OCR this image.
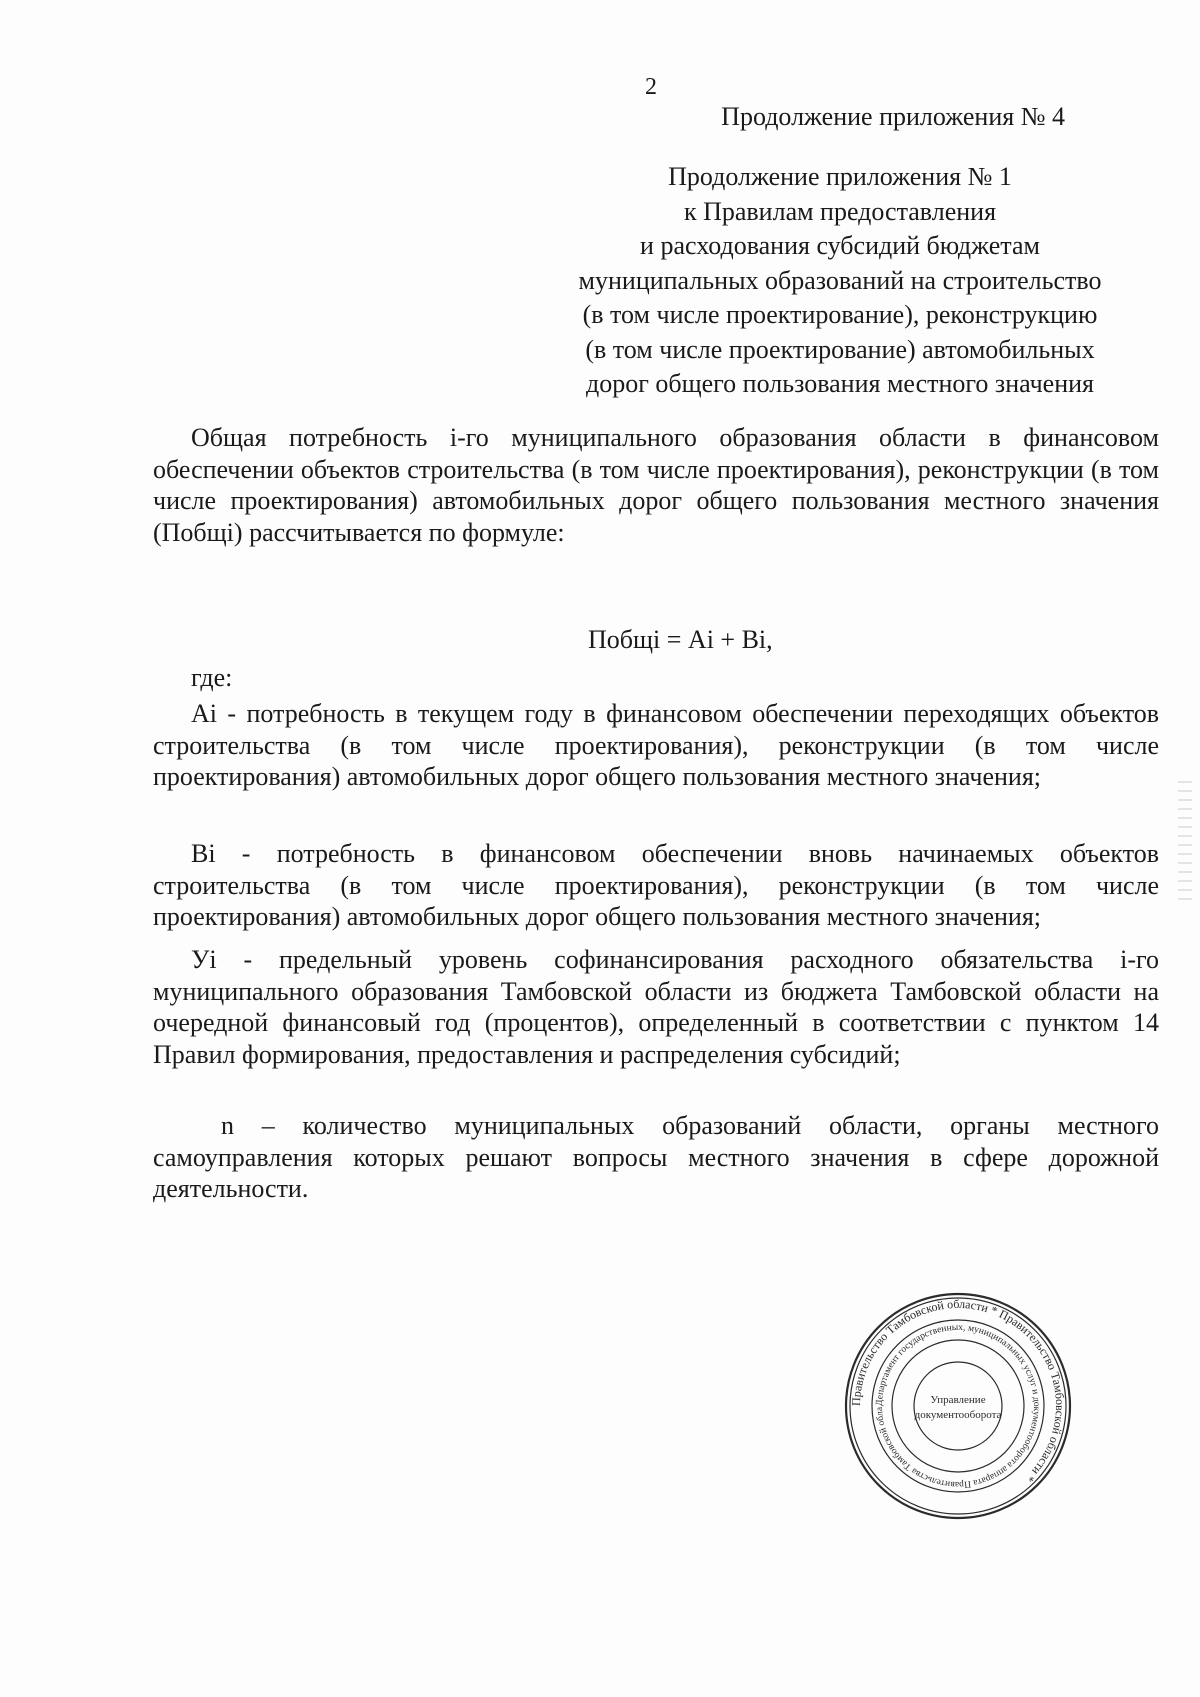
2
Продолжение приложения № 4
Продолжение приложения № 1
к Правилам предоставления
и расходования субсидий бюджетам
муниципальных образований на строительство
(в том числе проектирование), реконструкцию
(в том числе проектирование) автомобильных
дорог общего пользования местного значения

Общая потребность i-го муниципального образования области в финансовом обеспечении объектов строительства (в том числе проектирования), реконструкции (в том числе проектирования) автомобильных дорог общего пользования местного значения (Побщi) рассчитывается по формуле:

Побщi = Аi + Вi,
где:

Аi - потребность в текущем году в финансовом обеспечении переходящих объектов строительства (в том числе проектирования), реконструкции (в том числе проектирования) автомобильных дорог общего пользования местного значения;

Вi - потребность в финансовом обеспечении вновь начинаемых объектов строительства (в том числе проектирования), реконструкции (в том числе проектирования) автомобильных дорог общего пользования местного значения;

Уi - предельный уровень софинансирования расходного обязательства i-го муниципального образования Тамбовской области из бюджета Тамбовской области на очередной финансовый год (процентов), определенный в соответствии с пунктом 14 Правил формирования, предоставления и распределения субсидий;

n – количество муниципальных образований области, органы местного самоуправления которых решают вопросы местного значения в сфере дорожной деятельности.

Правительство Тамбовской области * Правительство Тамбовской области *
Департамент государственных, муниципальных услуг и документооборота аппарата Правительства Тамбовской обла
Управление
документооборота
